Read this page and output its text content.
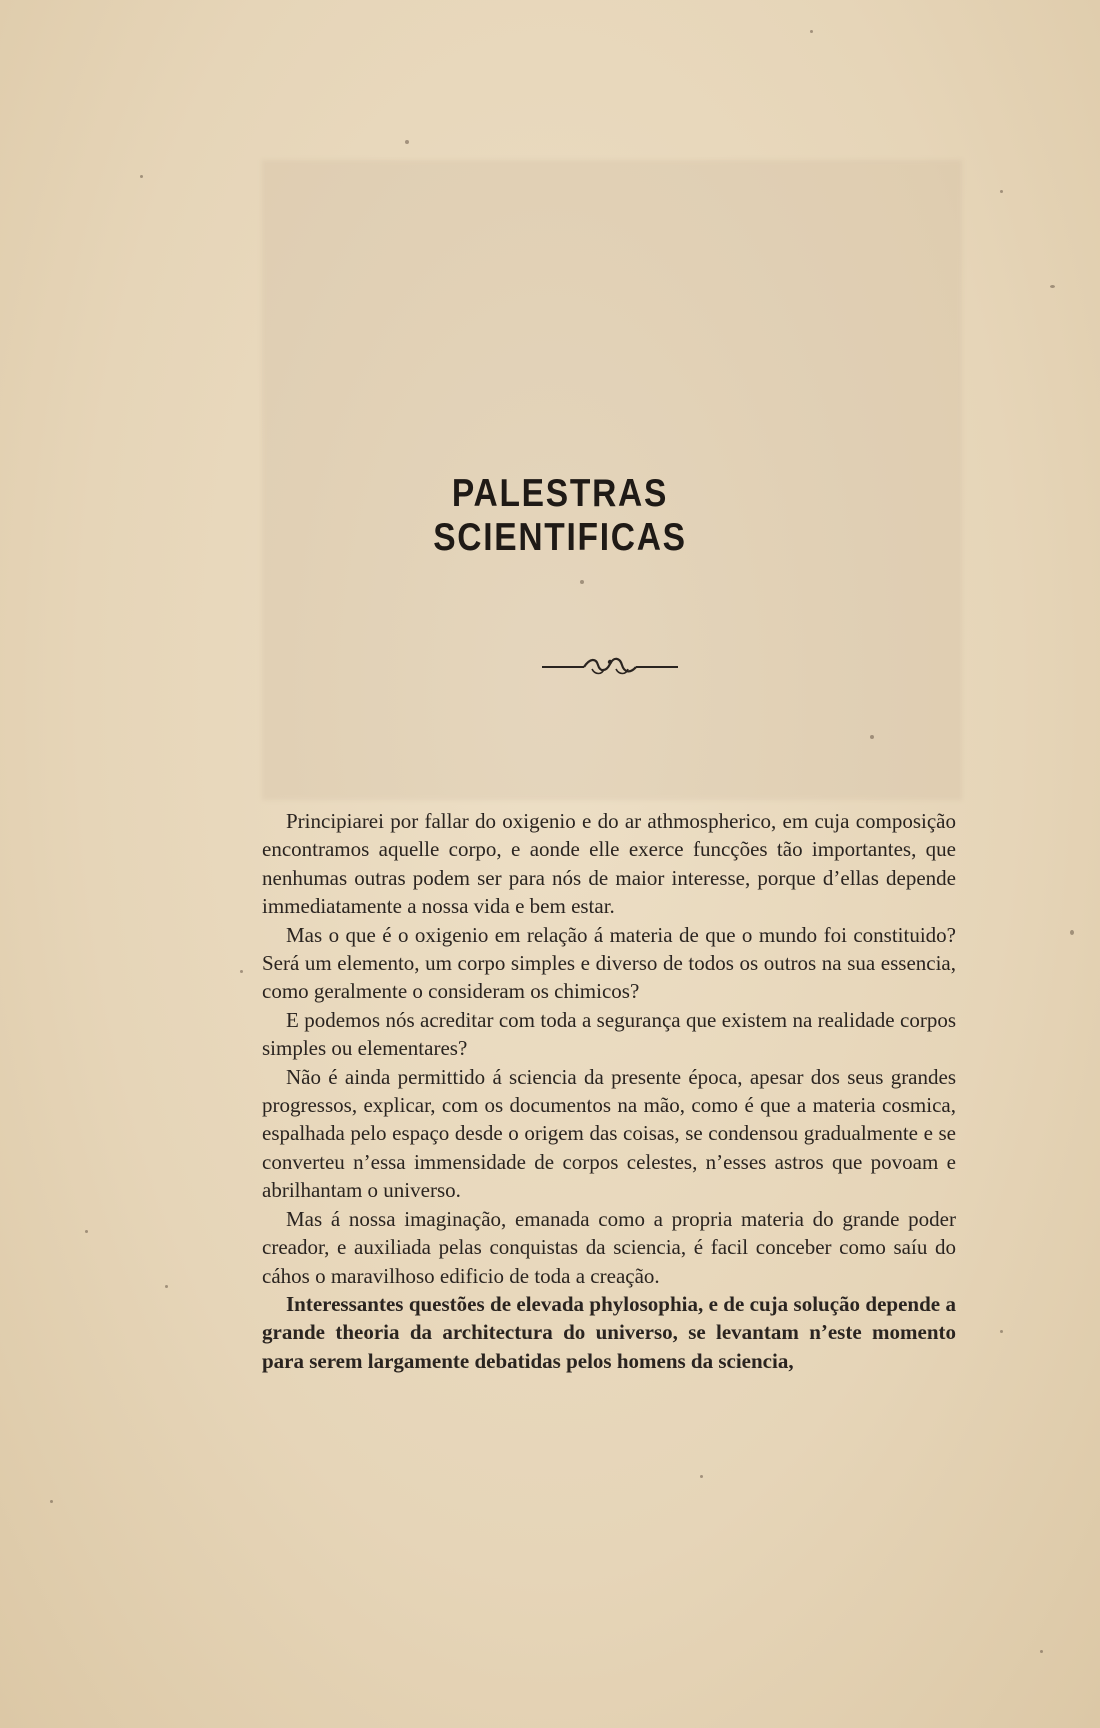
PALESTRAS SCIENTIFICAS

Principiarei por fallar do oxigenio e do ar athmospherico, em cuja composição encontramos aquelle corpo, e aonde elle exerce funcções tão importantes, que nenhumas outras podem ser para nós de maior interesse, porque d’ellas depende immediatamente a nossa vida e bem estar.

Mas o que é o oxigenio em relação á materia de que o mundo foi constituido? Será um elemento, um corpo simples e diverso de todos os outros na sua essencia, como geralmente o consideram os chimicos?

E podemos nós acreditar com toda a segurança que existem na realidade corpos simples ou elementares?

Não é ainda permittido á sciencia da presente época, apesar dos seus grandes progressos, explicar, com os documentos na mão, como é que a materia cosmica, espalhada pelo espaço desde o origem das coisas, se condensou gradualmente e se converteu n’essa immensidade de corpos celestes, n’esses astros que povoam e abrilhantam o universo.

Mas á nossa imaginação, emanada como a propria materia do grande poder creador, e auxiliada pelas conquistas da sciencia, é facil conceber como saíu do cáhos o maravilhoso edificio de toda a creação.

Interessantes questões de elevada phylosophia, e de cuja solução depende a grande theoria da architectura do universo, se levantam n’este momento para serem largamente debatidas pelos homens da sciencia,
